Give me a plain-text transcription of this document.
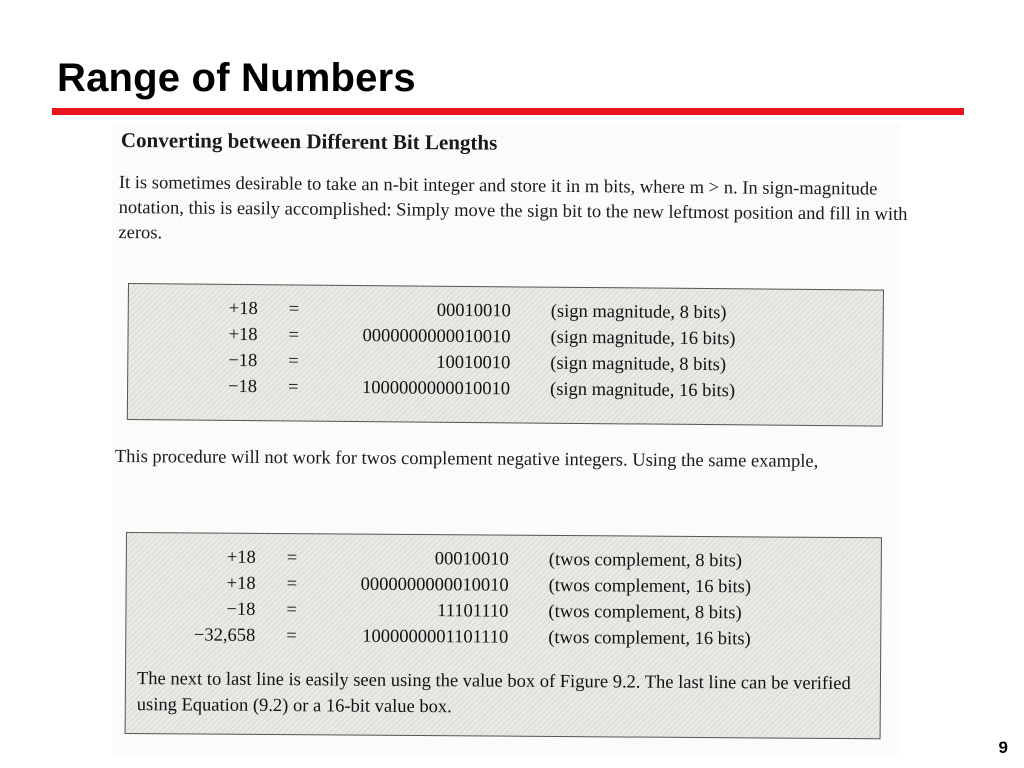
Range of Numbers
Converting between Different Bit Lengths

It is sometimes desirable to take an n-bit integer and store it in m bits, where m > n. In sign-magnitude notation, this is easily accomplished: Simply move the sign bit to the new leftmost position and fill in with zeros.

+18 =	00010010 (sign magnitude, 8 bits)
+18 =	0000000000010010 (sign magnitude, 16 bits)
−18 =	10010010 (sign magnitude, 8 bits)
−18 =	1000000000010010 (sign magnitude, 16 bits)

This procedure will not work for twos complement negative integers. Using the same example,

+18 =	00010010 (twos complement, 8 bits)
+18 =	0000000000010010 (twos complement, 16 bits)
−18 =	11101110 (twos complement, 8 bits)
−32,658 =	1000000001101110 (twos complement, 16 bits)

The next to last line is easily seen using the value box of Figure 9.2. The last line can be verified using Equation (9.2) or a 16-bit value box.

9
